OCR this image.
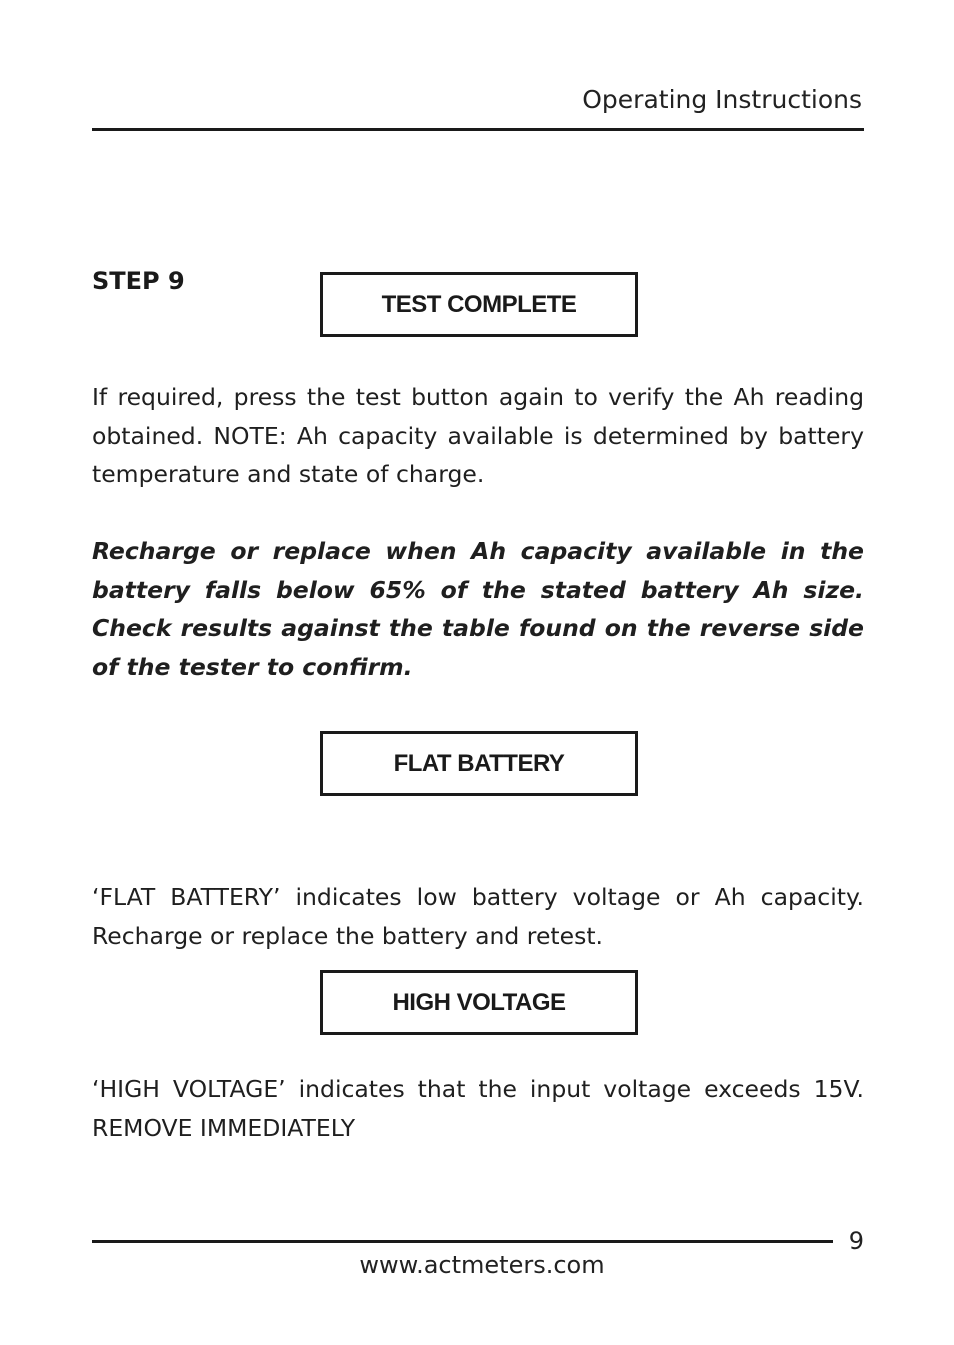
Operating Instructions
STEP 9
TEST COMPLETE
If required, press the test button again to verify the Ah reading obtained. NOTE: Ah capacity available is determined by battery temperature and state of charge.
Recharge or replace when Ah capacity available in the battery falls below 65% of the stated battery Ah size. Check results against the table found on the reverse side of the tester to confirm.
FLAT BATTERY
‘FLAT BATTERY’ indicates low battery voltage or Ah capacity. Recharge or replace the battery and retest.
HIGH VOLTAGE
‘HIGH VOLTAGE’ indicates that the input voltage exceeds 15V. REMOVE IMMEDIATELY
9
www.actmeters.com
